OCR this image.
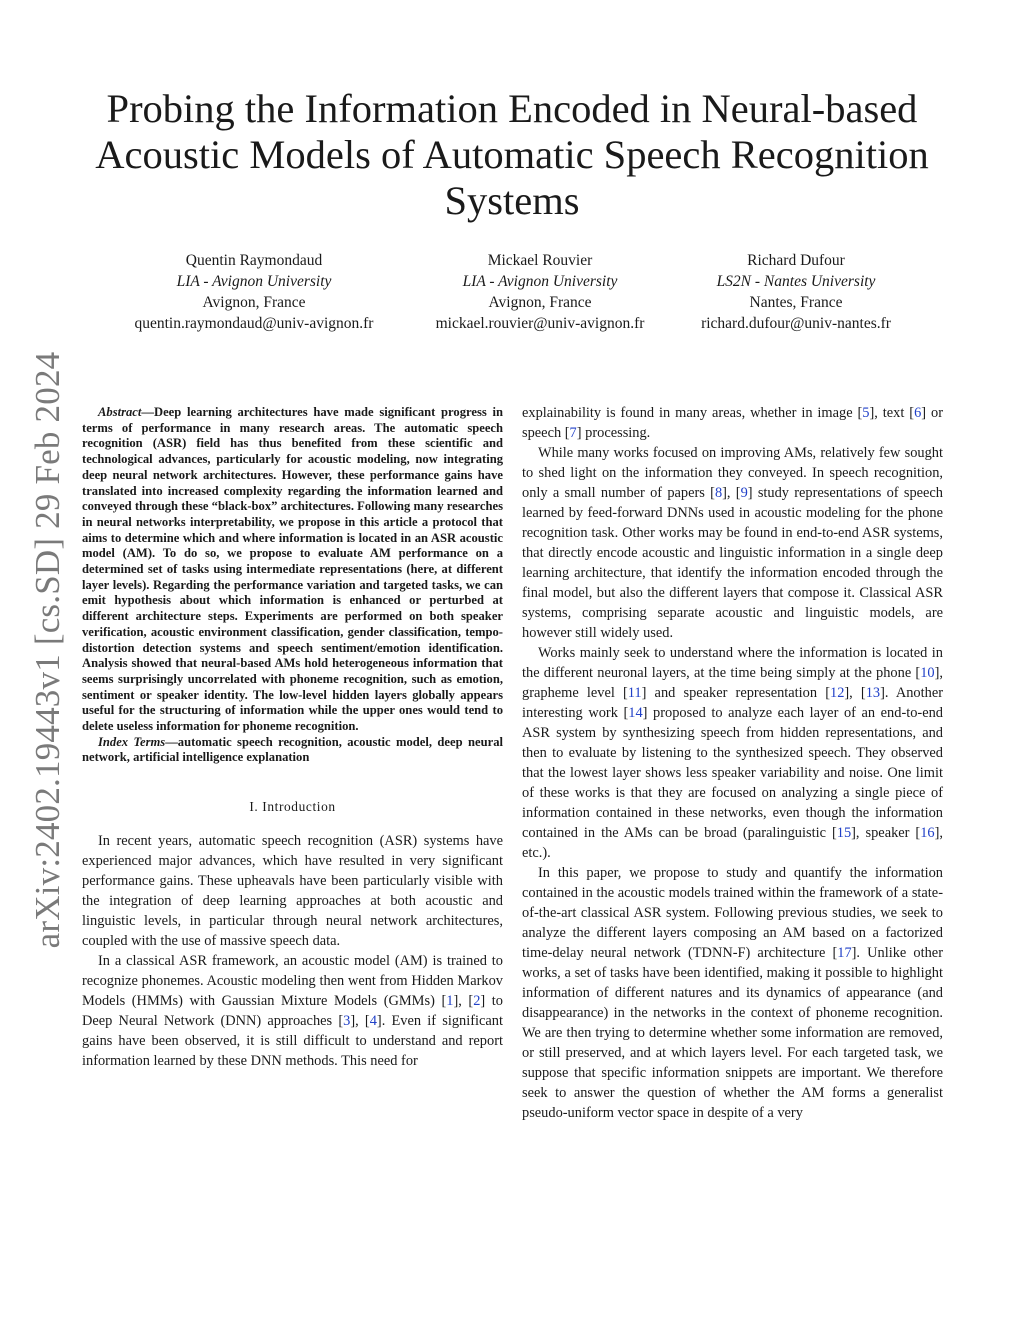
arXiv:2402.19443v1 [cs.SD] 29 Feb 2024
Probing the Information Encoded in Neural-based Acoustic Models of Automatic Speech Recognition Systems
Quentin Raymondaud
LIA - Avignon University
Avignon, France
quentin.raymondaud@univ-avignon.fr
Mickael Rouvier
LIA - Avignon University
Avignon, France
mickael.rouvier@univ-avignon.fr
Richard Dufour
LS2N - Nantes University
Nantes, France
richard.dufour@univ-nantes.fr

Abstract—Deep learning architectures have made significant progress in terms of performance in many research areas. The automatic speech recognition (ASR) field has thus benefited from these scientific and technological advances, particularly for acoustic modeling, now integrating deep neural network architectures. However, these performance gains have translated into increased complexity regarding the information learned and conveyed through these “black-box” architectures. Following many researches in neural networks interpretability, we propose in this article a protocol that aims to determine which and where information is located in an ASR acoustic model (AM). To do so, we propose to evaluate AM performance on a determined set of tasks using intermediate representations (here, at different layer levels). Regarding the performance variation and targeted tasks, we can emit hypothesis about which information is enhanced or perturbed at different architecture steps. Experiments are performed on both speaker verification, acoustic environment classification, gender classification, tempo-distortion detection systems and speech sentiment/emotion identification. Analysis showed that neural-based AMs hold heterogeneous information that seems surprisingly uncorrelated with phoneme recognition, such as emotion, sentiment or speaker identity. The low-level hidden layers globally appears useful for the structuring of information while the upper ones would tend to delete useless information for phoneme recognition.

Index Terms—automatic speech recognition, acoustic model, deep neural network, artificial intelligence explanation

I. Introduction

In recent years, automatic speech recognition (ASR) systems have experienced major advances, which have resulted in very significant performance gains. These upheavals have been particularly visible with the integration of deep learning approaches at both acoustic and linguistic levels, in particular through neural network architectures, coupled with the use of massive speech data.

In a classical ASR framework, an acoustic model (AM) is trained to recognize phonemes. Acoustic modeling then went from Hidden Markov Models (HMMs) with Gaussian Mixture Models (GMMs) [1], [2] to Deep Neural Network (DNN) approaches [3], [4]. Even if significant gains have been observed, it is still difficult to understand and report information learned by these DNN methods. This need for

explainability is found in many areas, whether in image [5], text [6] or speech [7] processing.

While many works focused on improving AMs, relatively few sought to shed light on the information they conveyed. In speech recognition, only a small number of papers [8], [9] study representations of speech learned by feed-forward DNNs used in acoustic modeling for the phone recognition task. Other works may be found in end-to-end ASR systems, that directly encode acoustic and linguistic information in a single deep learning architecture, that identify the information encoded through the final model, but also the different layers that compose it. Classical ASR systems, comprising separate acoustic and linguistic models, are however still widely used.

Works mainly seek to understand where the information is located in the different neuronal layers, at the time being simply at the phone [10], grapheme level [11] and speaker representation [12], [13]. Another interesting work [14] proposed to analyze each layer of an end-to-end ASR system by synthesizing speech from hidden representations, and then to evaluate by listening to the synthesized speech. They observed that the lowest layer shows less speaker variability and noise. One limit of these works is that they are focused on analyzing a single piece of information contained in these networks, even though the information contained in the AMs can be broad (paralinguistic [15], speaker [16], etc.).

In this paper, we propose to study and quantify the information contained in the acoustic models trained within the framework of a state-of-the-art classical ASR system. Following previous studies, we seek to analyze the different layers composing an AM based on a factorized time-delay neural network (TDNN-F) architecture [17]. Unlike other works, a set of tasks have been identified, making it possible to highlight information of different natures and its dynamics of appearance (and disappearance) in the networks in the context of phoneme recognition. We are then trying to determine whether some information are removed, or still preserved, and at which layers level. For each targeted task, we suppose that specific information snippets are important. We therefore seek to answer the question of whether the AM forms a generalist pseudo-uniform vector space in despite of a very
